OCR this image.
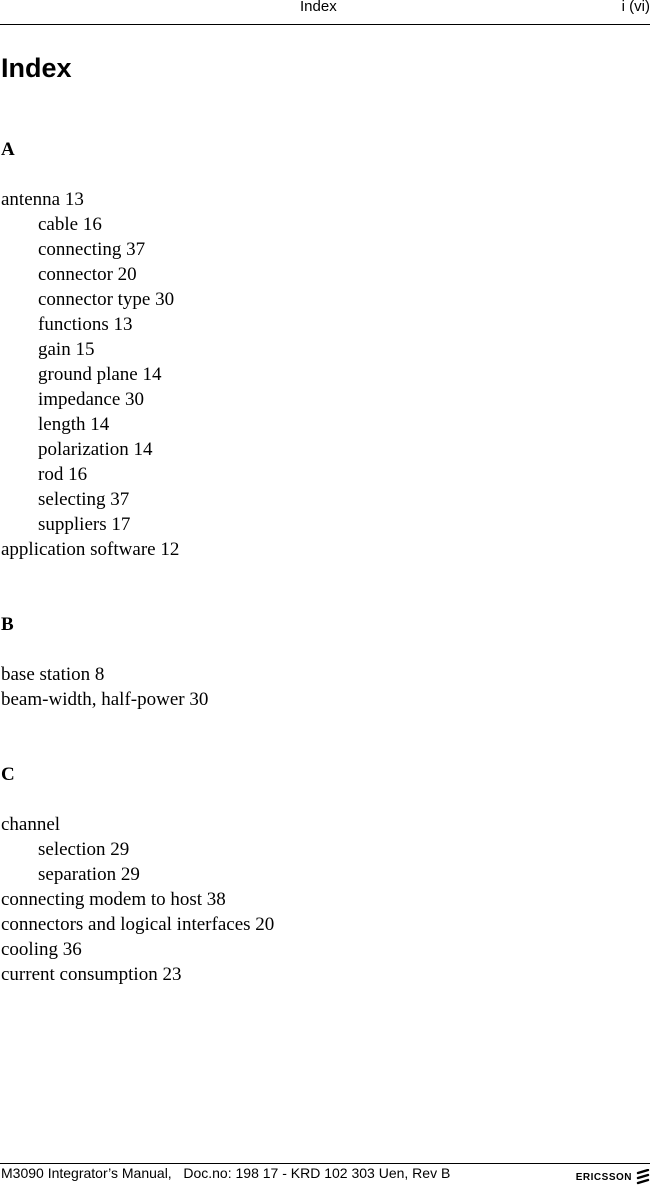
Index	i (vi)
Index
A
antenna 13
cable 16
connecting 37
connector 20
connector type 30
functions 13
gain 15
ground plane 14
impedance 30
length 14
polarization 14
rod 16
selecting 37
suppliers 17
application software 12
B
base station 8
beam-width, half-power 30
C
channel
selection 29
separation 29
connecting modem to host 38
connectors and logical interfaces 20
cooling 36
current consumption 23
M3090 Integrator’s Manual,   Doc.no: 198 17 - KRD 102 303 Uen, Rev B	ERICSSON
